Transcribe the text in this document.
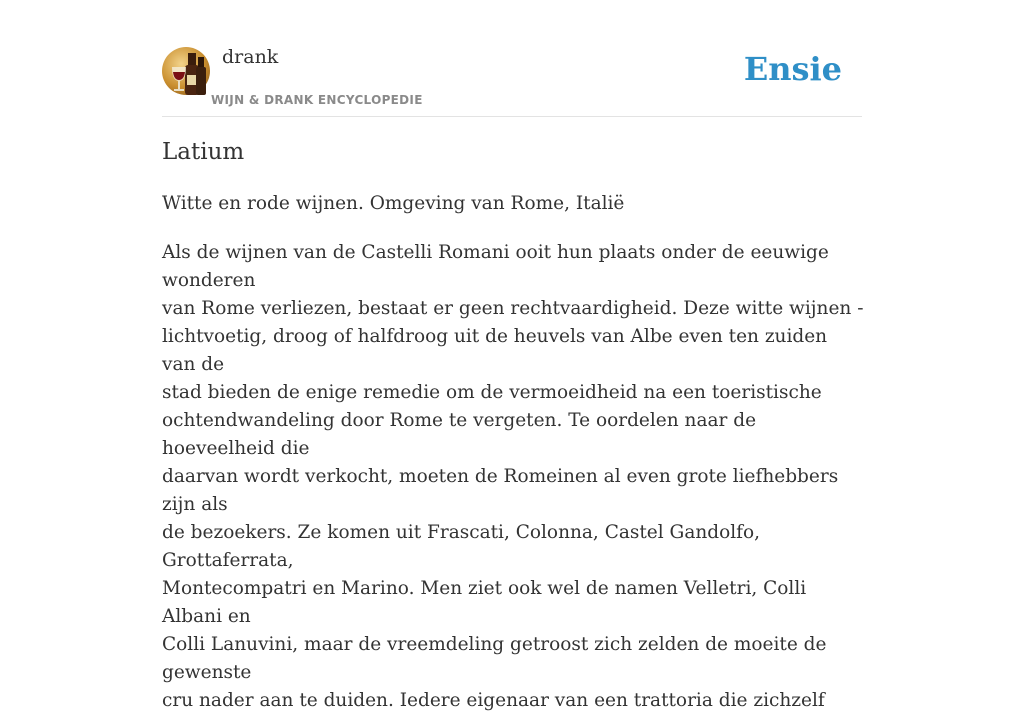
drank
WIJN & DRANK ENCYCLOPEDIE
Ensie
Latium

Witte en rode wijnen. Omgeving van Rome, Italië

Als de wijnen van de Castelli Romani ooit hun plaats onder de eeuwige wonderen
van Rome verliezen, bestaat er geen rechtvaardigheid. Deze witte wijnen -
lichtvoetig, droog of halfdroog uit de heuvels van Albe even ten zuiden van de
stad bieden de enige remedie om de vermoeidheid na een toeristische
ochtendwandeling door Rome te vergeten. Te oordelen naar de hoeveelheid die
daarvan wordt verkocht, moeten de Romeinen al even grote liefhebbers zijn als
de bezoekers. Ze komen uit Frascati, Colonna, Castel Gandolfo, Grottaferrata,
Montecompatri en Marino. Men ziet ook wel de namen Velletri, Colli Albani en
Colli Lanuvini, maar de vreemdeling getroost zich zelden de moeite de gewenste
cru nader aan te duiden. Iedere eigenaar van een trattoria die zichzelf
